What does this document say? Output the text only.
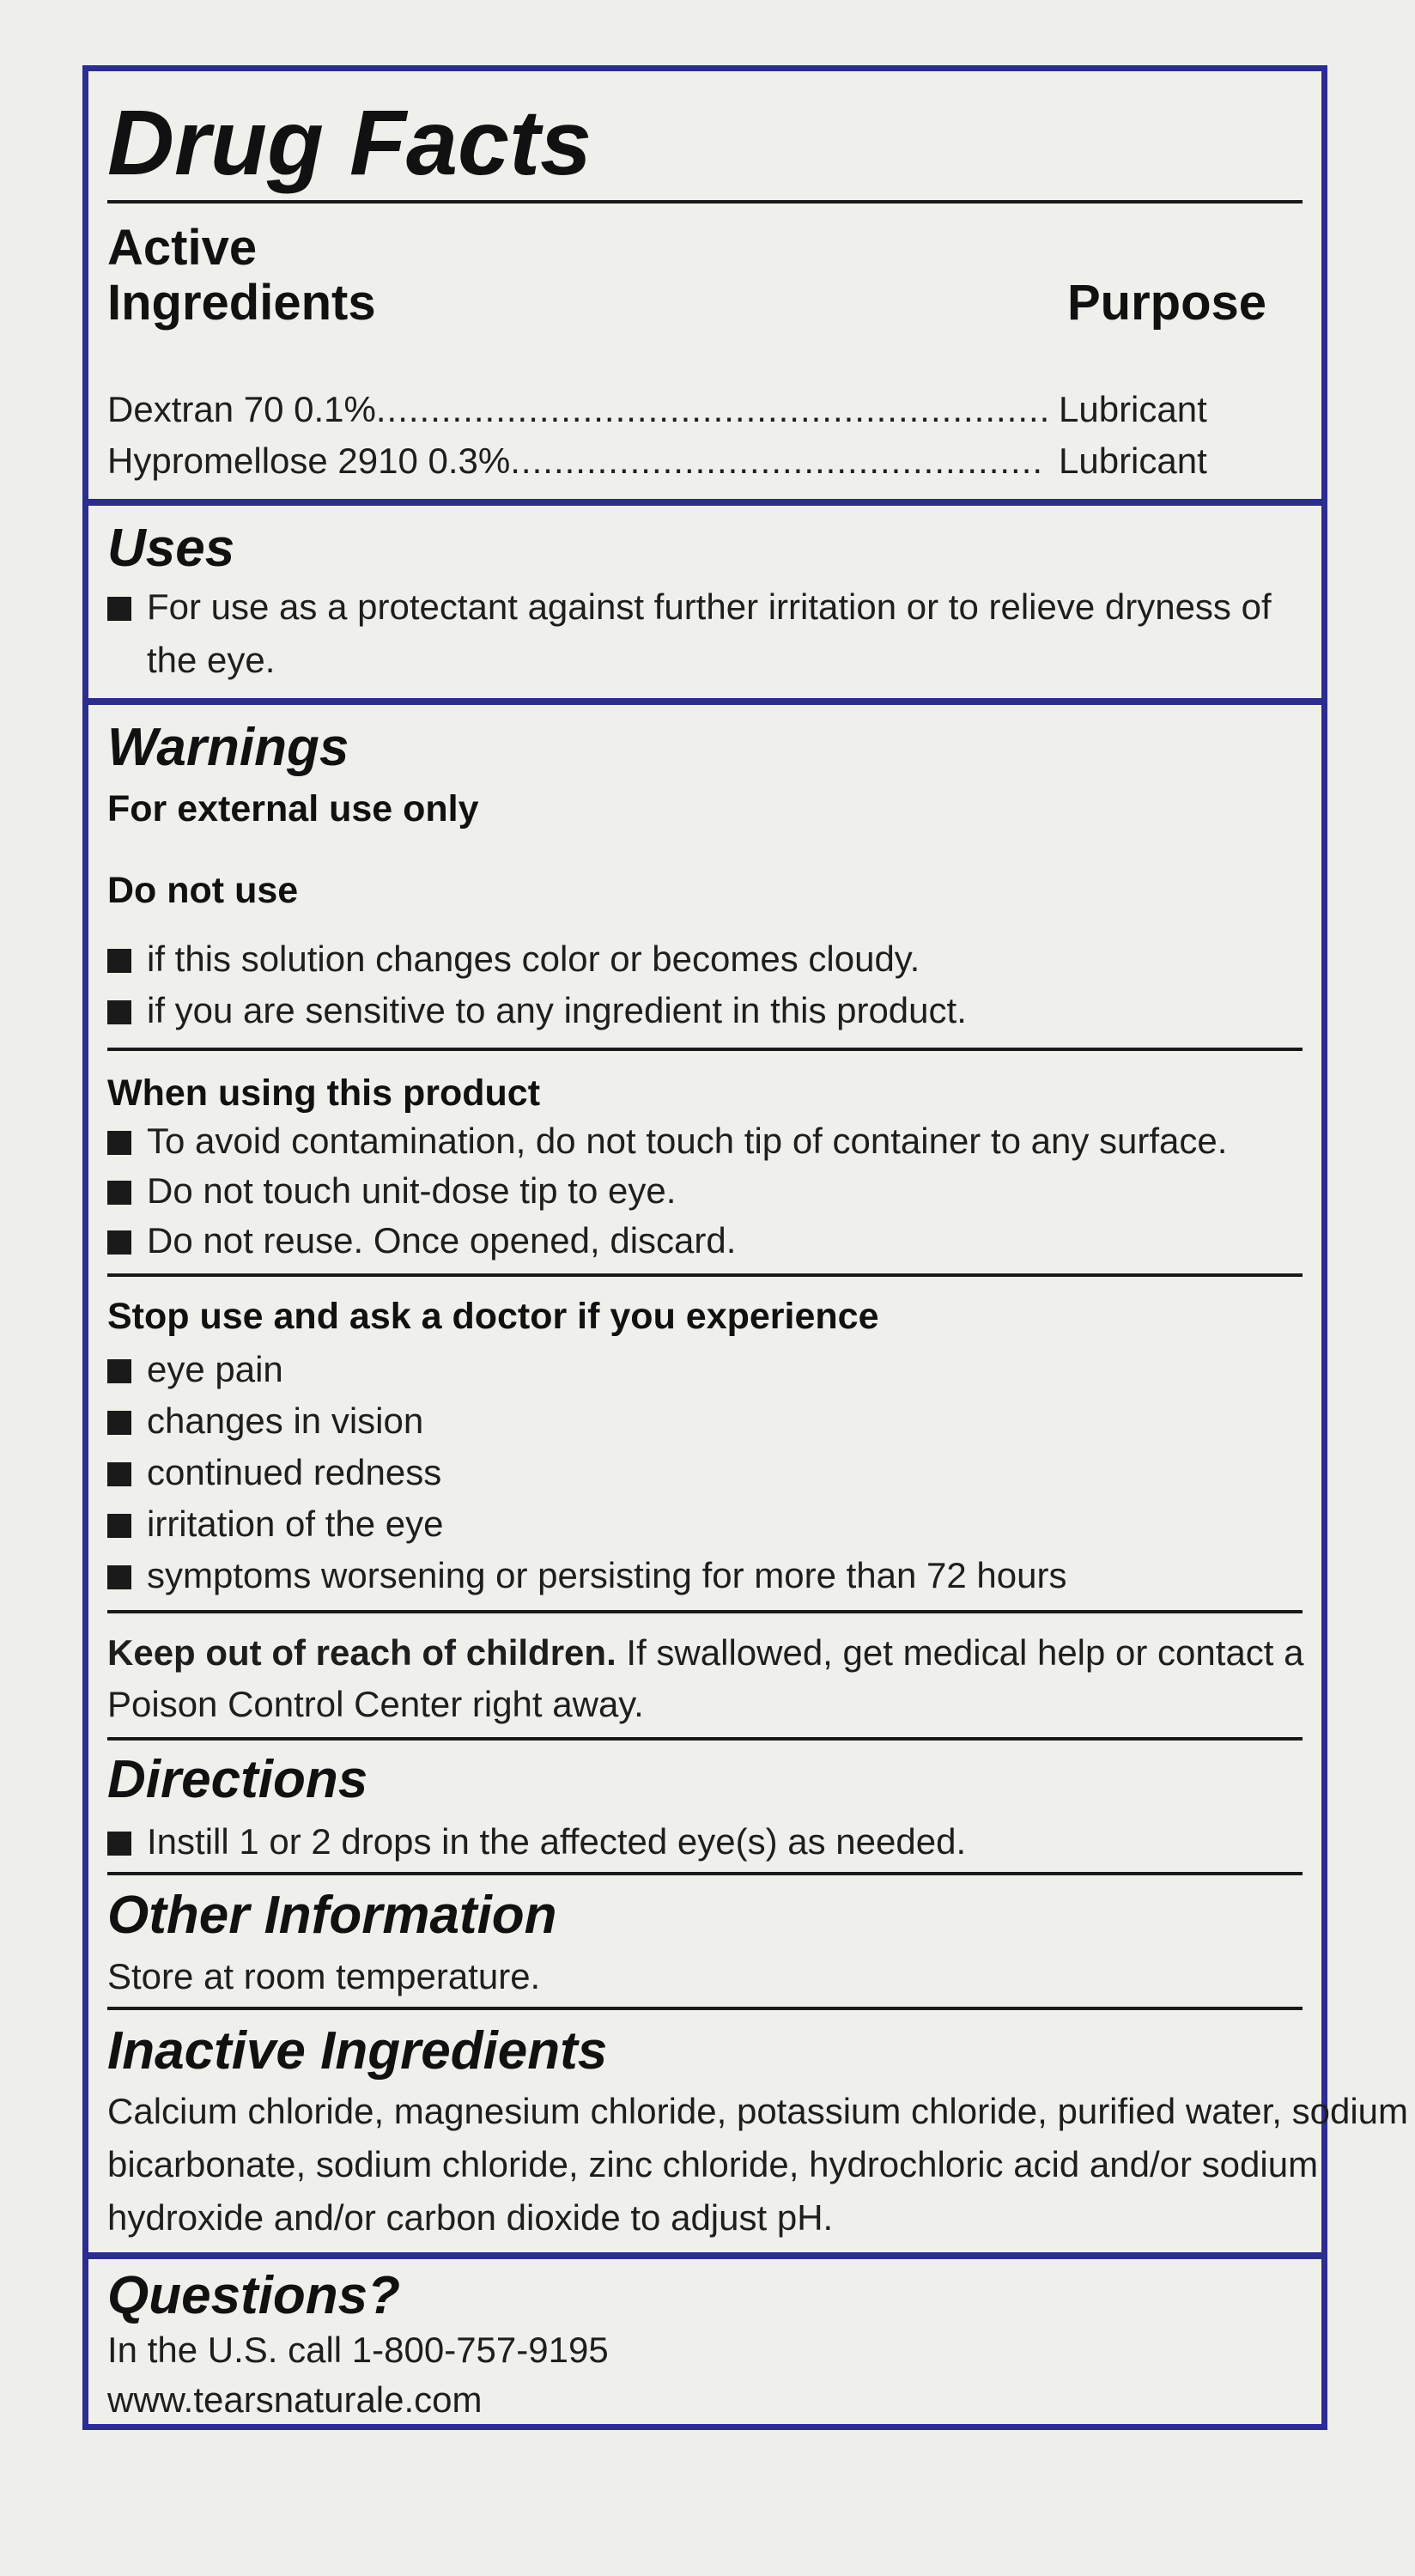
Drug Facts
Active
Ingredients	Purpose
Dextran 70 0.1%.............................................................. Lubricant
Hypromellose 2910 0.3%................................................. Lubricant
Uses
For use as a protectant against further irritation or to relieve dryness of
the eye.
Warnings
For external use only
Do not use
if this solution changes color or becomes cloudy.
if you are sensitive to any ingredient in this product.
When using this product
To avoid contamination, do not touch tip of container to any surface.
Do not touch unit-dose tip to eye.
Do not reuse. Once opened, discard.
Stop use and ask a doctor if you experience
eye pain
changes in vision
continued redness
irritation of the eye
symptoms worsening or persisting for more than 72 hours
Keep out of reach of children. If swallowed, get medical help or contact a
Poison Control Center right away.
Directions
Instill 1 or 2 drops in the affected eye(s) as needed.
Other Information
Store at room temperature.
Inactive Ingredients
Calcium chloride, magnesium chloride, potassium chloride, purified water, sodium
bicarbonate, sodium chloride, zinc chloride, hydrochloric acid and/or sodium
hydroxide and/or carbon dioxide to adjust pH.
Questions?
In the U.S. call 1-800-757-9195
www.tearsnaturale.com
